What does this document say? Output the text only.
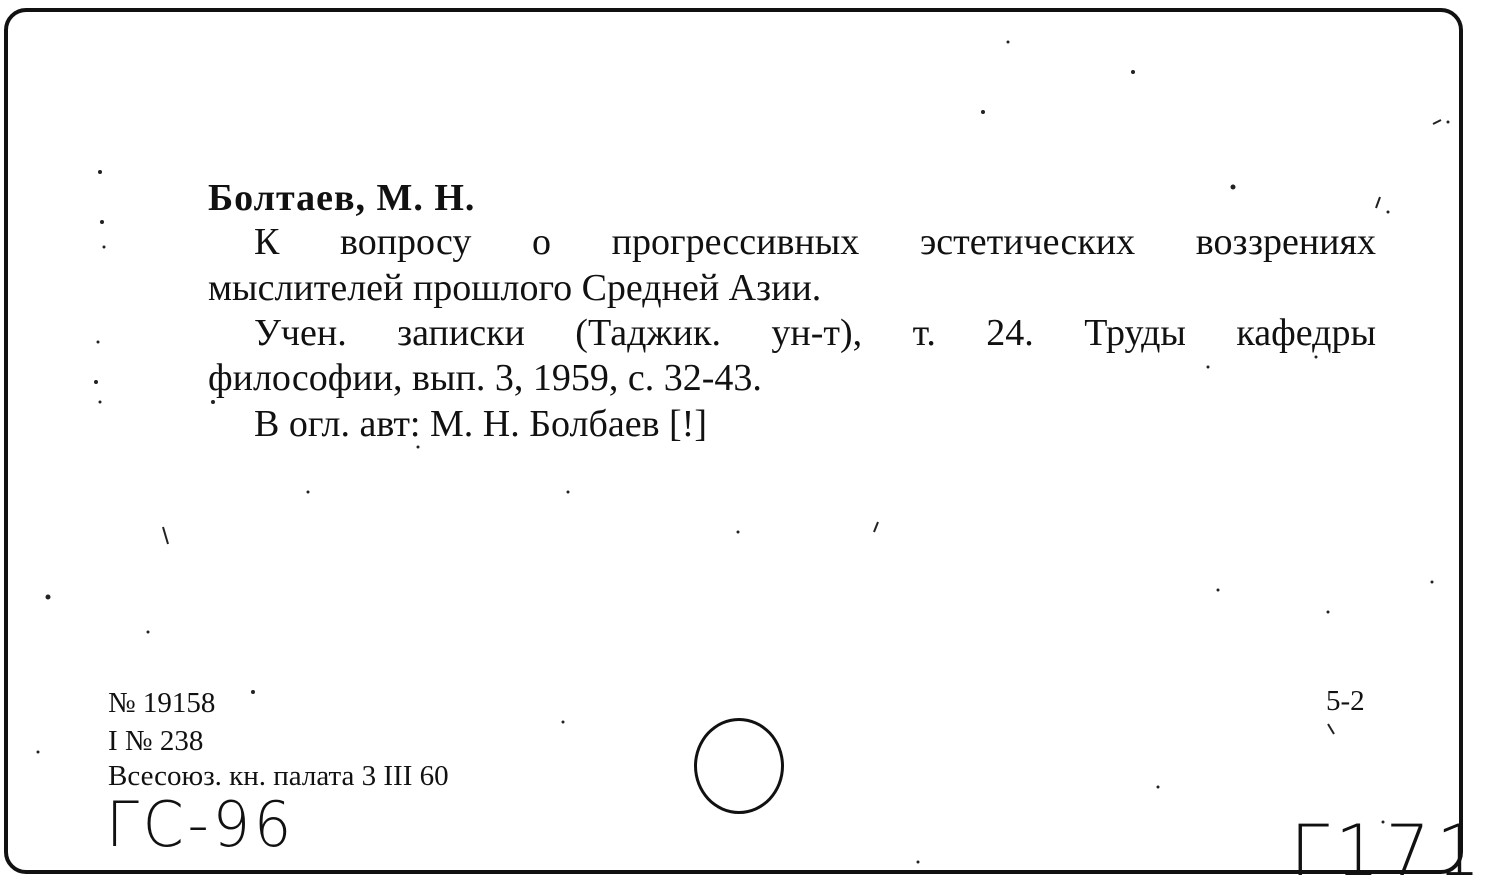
Болтаев, М. Н.
К вопросу о прогрессивных эстетических воззрениях
мыслителей прошлого Средней Азии.
Учен. записки (Таджик. ун-т), т. 24. Труды кафедры
философии, вып. 3, 1959, с. 32-43.
В огл. авт: М. Н. Болбаев [!]
№ 19158
I № 238
Всесоюз. кн. палата 3 III 60
5-2
ГС-96	Г171
